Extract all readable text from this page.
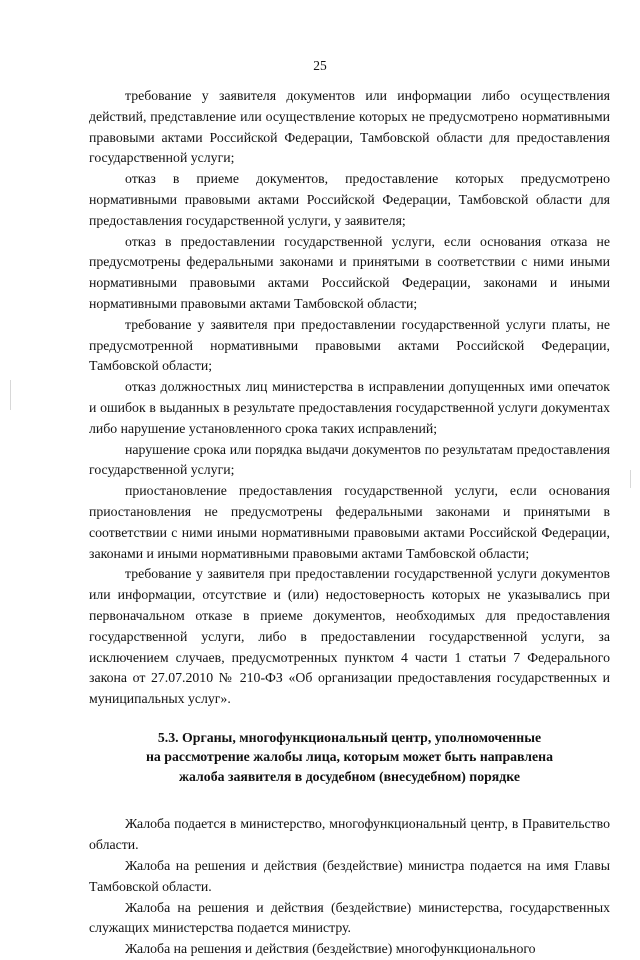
25

требование у заявителя документов или информации либо осуществления действий, представление или осуществление которых не предусмотрено нормативными правовыми актами Российской Федерации, Тамбовской области для предоставления государственной услуги;

отказ в приеме документов, предоставление которых предусмотрено нормативными правовыми актами Российской Федерации, Тамбовской области для предоставления государственной услуги, у заявителя;

отказ в предоставлении государственной услуги, если основания отказа не предусмотрены федеральными законами и принятыми в соответствии с ними иными нормативными правовыми актами Российской Федерации, законами и иными нормативными правовыми актами Тамбовской области;

требование у заявителя при предоставлении государственной услуги платы, не предусмотренной нормативными правовыми актами Российской Федерации, Тамбовской области;

отказ должностных лиц министерства в исправлении допущенных ими опечаток и ошибок в выданных в результате предоставления государственной услуги документах либо нарушение установленного срока таких исправлений;

нарушение срока или порядка выдачи документов по результатам предоставления государственной услуги;

приостановление предоставления государственной услуги, если основания приостановления не предусмотрены федеральными законами и принятыми в соответствии с ними иными нормативными правовыми актами Российской Федерации, законами и иными нормативными правовыми актами Тамбовской области;

требование у заявителя при предоставлении государственной услуги документов или информации, отсутствие и (или) недостоверность которых не указывались при первоначальном отказе в приеме документов, необходимых для предоставления государственной услуги, либо в предоставлении государственной услуги, за исключением случаев, предусмотренных пунктом 4 части 1 статьи 7 Федерального закона от 27.07.2010 № 210-ФЗ «Об организации предоставления государственных и муниципальных услуг».

5.3. Органы, многофункциональный центр, уполномоченные
на рассмотрение жалобы лица, которым может быть направлена
жалоба заявителя в досудебном (внесудебном) порядке

Жалоба подается в министерство, многофункциональный центр, в Правительство области.

Жалоба на решения и действия (бездействие) министра подается на имя Главы Тамбовской области.

Жалоба на решения и действия (бездействие) министерства, государственных служащих министерства подается министру.

Жалоба на решения и действия (бездействие) многофункционального
